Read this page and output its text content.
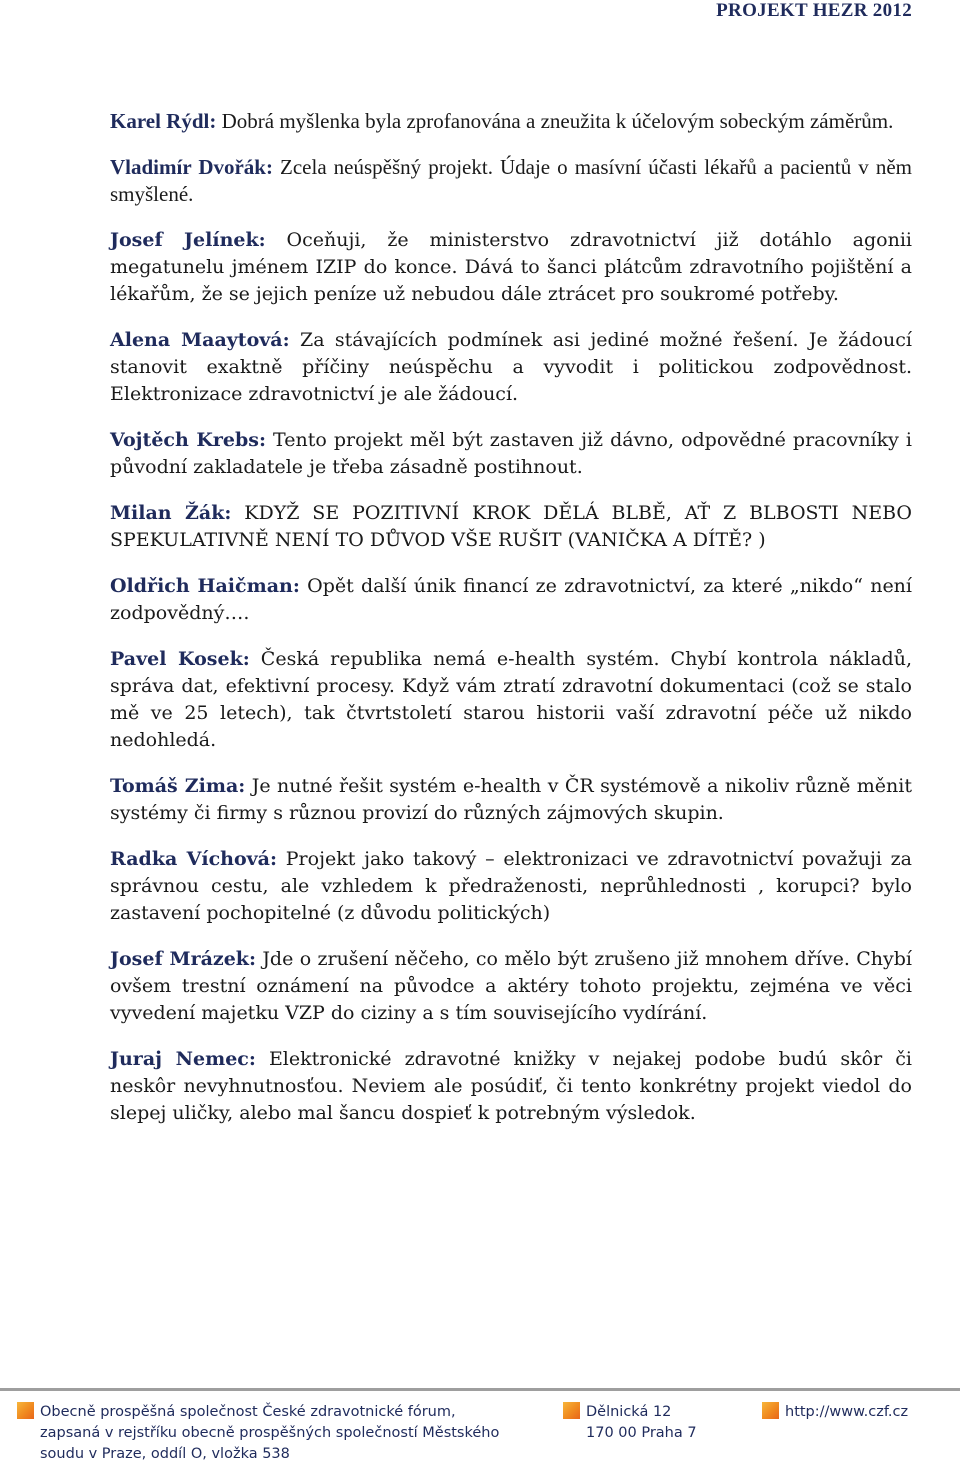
PROJEKT HEZR 2012

Karel Rýdl: Dobrá myšlenka byla zprofanována a zneužita k účelovým sobeckým záměrům.

Vladimír Dvořák: Zcela neúspěšný projekt. Údaje o masívní účasti lékařů a pacientů v něm smyšlené.

Josef Jelínek: Oceňuji, že ministerstvo zdravotnictví již dotáhlo agonii megatunelu jménem IZIP do konce. Dává to šanci plátcům zdravotního pojištění a lékařům, že se jejich peníze už nebudou dále ztrácet pro soukromé potřeby.

Alena Maaytová: Za stávajících podmínek asi jediné možné řešení. Je žádoucí stanovit exaktně příčiny neúspěchu a vyvodit i politickou zodpovědnost. Elektronizace zdravotnictví je ale žádoucí.

Vojtěch Krebs: Tento projekt měl být zastaven již dávno, odpovědné pracovníky i původní zakladatele je třeba zásadně postihnout.

Milan Žák: KDYŽ SE POZITIVNÍ KROK DĚLÁ BLBĚ, AŤ Z BLBOSTI NEBO SPEKULATIVNĚ NENÍ TO DŮVOD VŠE RUŠIT (VANIČKA A DÍTĚ? )

Oldřich Haičman: Opět další únik financí ze zdravotnictví, za které „nikdo“ není zodpovědný….

Pavel Kosek: Česká republika nemá e-health systém. Chybí kontrola nákladů, správa dat, efektivní procesy. Když vám ztratí zdravotní dokumentaci (což se stalo mě ve 25 letech), tak čtvrtstoletí starou historii vaší zdravotní péče už nikdo nedohledá.

Tomáš Zima: Je nutné řešit systém e-health v ČR systémově a nikoliv různě měnit systémy či firmy s různou provizí do různých zájmových skupin.

Radka Víchová: Projekt jako takový – elektronizaci ve zdravotnictví považuji za správnou cestu, ale vzhledem k předraženosti, neprůhlednosti , korupci? bylo zastavení pochopitelné (z důvodu politických)

Josef Mrázek: Jde o zrušení něčeho, co mělo být zrušeno již mnohem dříve. Chybí ovšem trestní oznámení na původce a aktéry tohoto projektu, zejména ve věci vyvedení majetku VZP do ciziny a s tím souvisejícího vydírání.

Juraj Nemec: Elektronické zdravotné knižky v nejakej podobe budú skôr či neskôr nevyhnutnosťou. Neviem ale posúdiť, či tento konkrétny projekt viedol do slepej uličky, alebo mal šancu dospieť k potrebným výsledok.

Obecně prospěšná společnost České zdravotnické fórum,
zapsaná v rejstříku obecně prospěšných společností Městského
soudu v Praze, oddíl O, vložka 538
Dělnická 12
170 00 Praha 7
http://www.czf.cz
